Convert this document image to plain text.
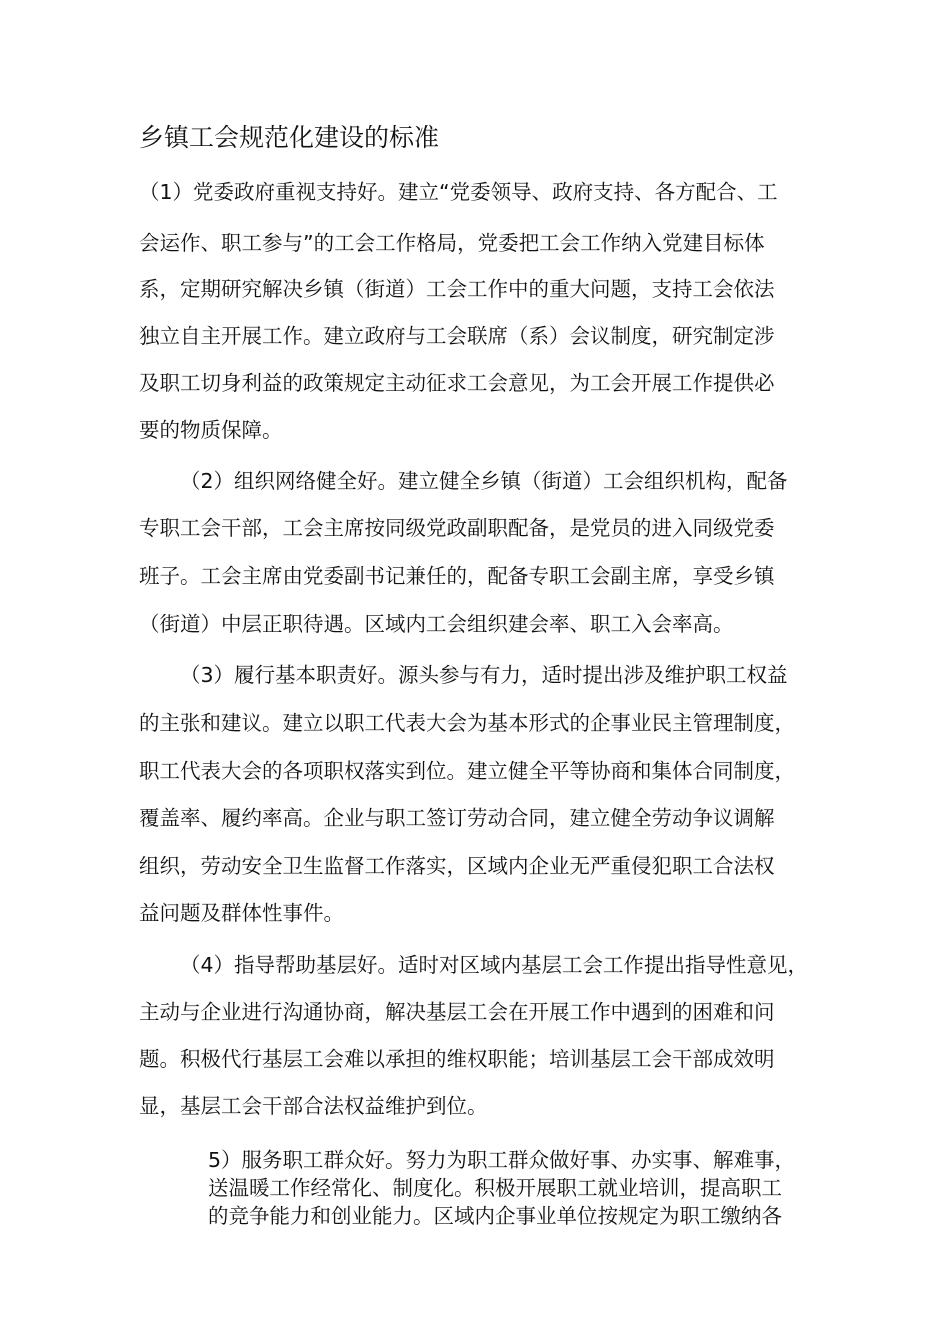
乡镇工会规范化建设的标准
（1）党委政府重视支持好。建立“党委领导、政府支持、各方配合、工
会运作、职工参与”的工会工作格局，党委把工会工作纳入党建目标体
系，定期研究解决乡镇（街道）工会工作中的重大问题，支持工会依法
独立自主开展工作。建立政府与工会联席（系）会议制度，研究制定涉
及职工切身利益的政策规定主动征求工会意见，为工会开展工作提供必
要的物质保障。
（2）组织网络健全好。建立健全乡镇（街道）工会组织机构，配备
专职工会干部，工会主席按同级党政副职配备，是党员的进入同级党委
班子。工会主席由党委副书记兼任的，配备专职工会副主席，享受乡镇
（街道）中层正职待遇。区域内工会组织建会率、职工入会率高。
（3）履行基本职责好。源头参与有力，适时提出涉及维护职工权益
的主张和建议。建立以职工代表大会为基本形式的企事业民主管理制度，
职工代表大会的各项职权落实到位。建立健全平等协商和集体合同制度，
覆盖率、履约率高。企业与职工签订劳动合同，建立健全劳动争议调解
组织，劳动安全卫生监督工作落实，区域内企业无严重侵犯职工合法权
益问题及群体性事件。
（4）指导帮助基层好。适时对区域内基层工会工作提出指导性意见，
主动与企业进行沟通协商，解决基层工会在开展工作中遇到的困难和问
题。积极代行基层工会难以承担的维权职能；培训基层工会干部成效明
显，基层工会干部合法权益维护到位。
5）服务职工群众好。努力为职工群众做好事、办实事、解难事，
送温暖工作经常化、制度化。积极开展职工就业培训，提高职工
的竞争能力和创业能力。区域内企事业单位按规定为职工缴纳各
